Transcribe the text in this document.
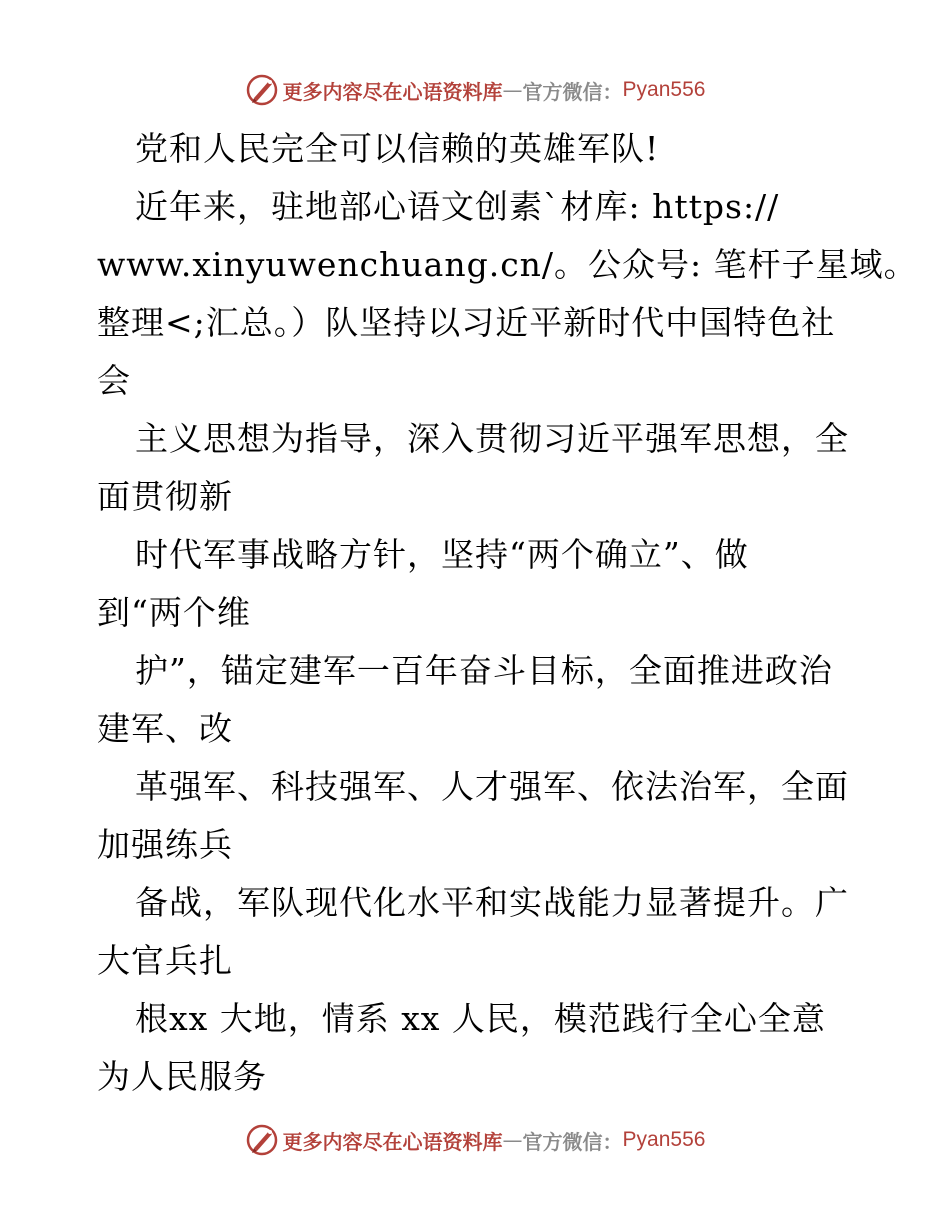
更多内容尽在心语资料库 — 官方微信： Pyan556
党和人民完全可以信赖的英雄军队!
近年来，驻地部心语文创素`材库: https://
www.xinyuwenchuang.cn/。公众号: 笔杆子星域。
整理<;汇总。）队坚持以习近平新时代中国特色社
会
主义思想为指导，深入贯彻习近平强军思想，全
面贯彻新
时代军事战略方针，坚持“两个确立”、做
到“两个维
护”，锚定建军一百年奋斗目标，全面推进政治
建军、改
革强军、科技强军、人才强军、依法治军，全面
加强练兵
备战，军队现代化水平和实战能力显著提升。广
大官兵扎
根xx 大地，情系 xx 人民，模范践行全心全意
为人民服务
更多内容尽在心语资料库 — 官方微信： Pyan556
